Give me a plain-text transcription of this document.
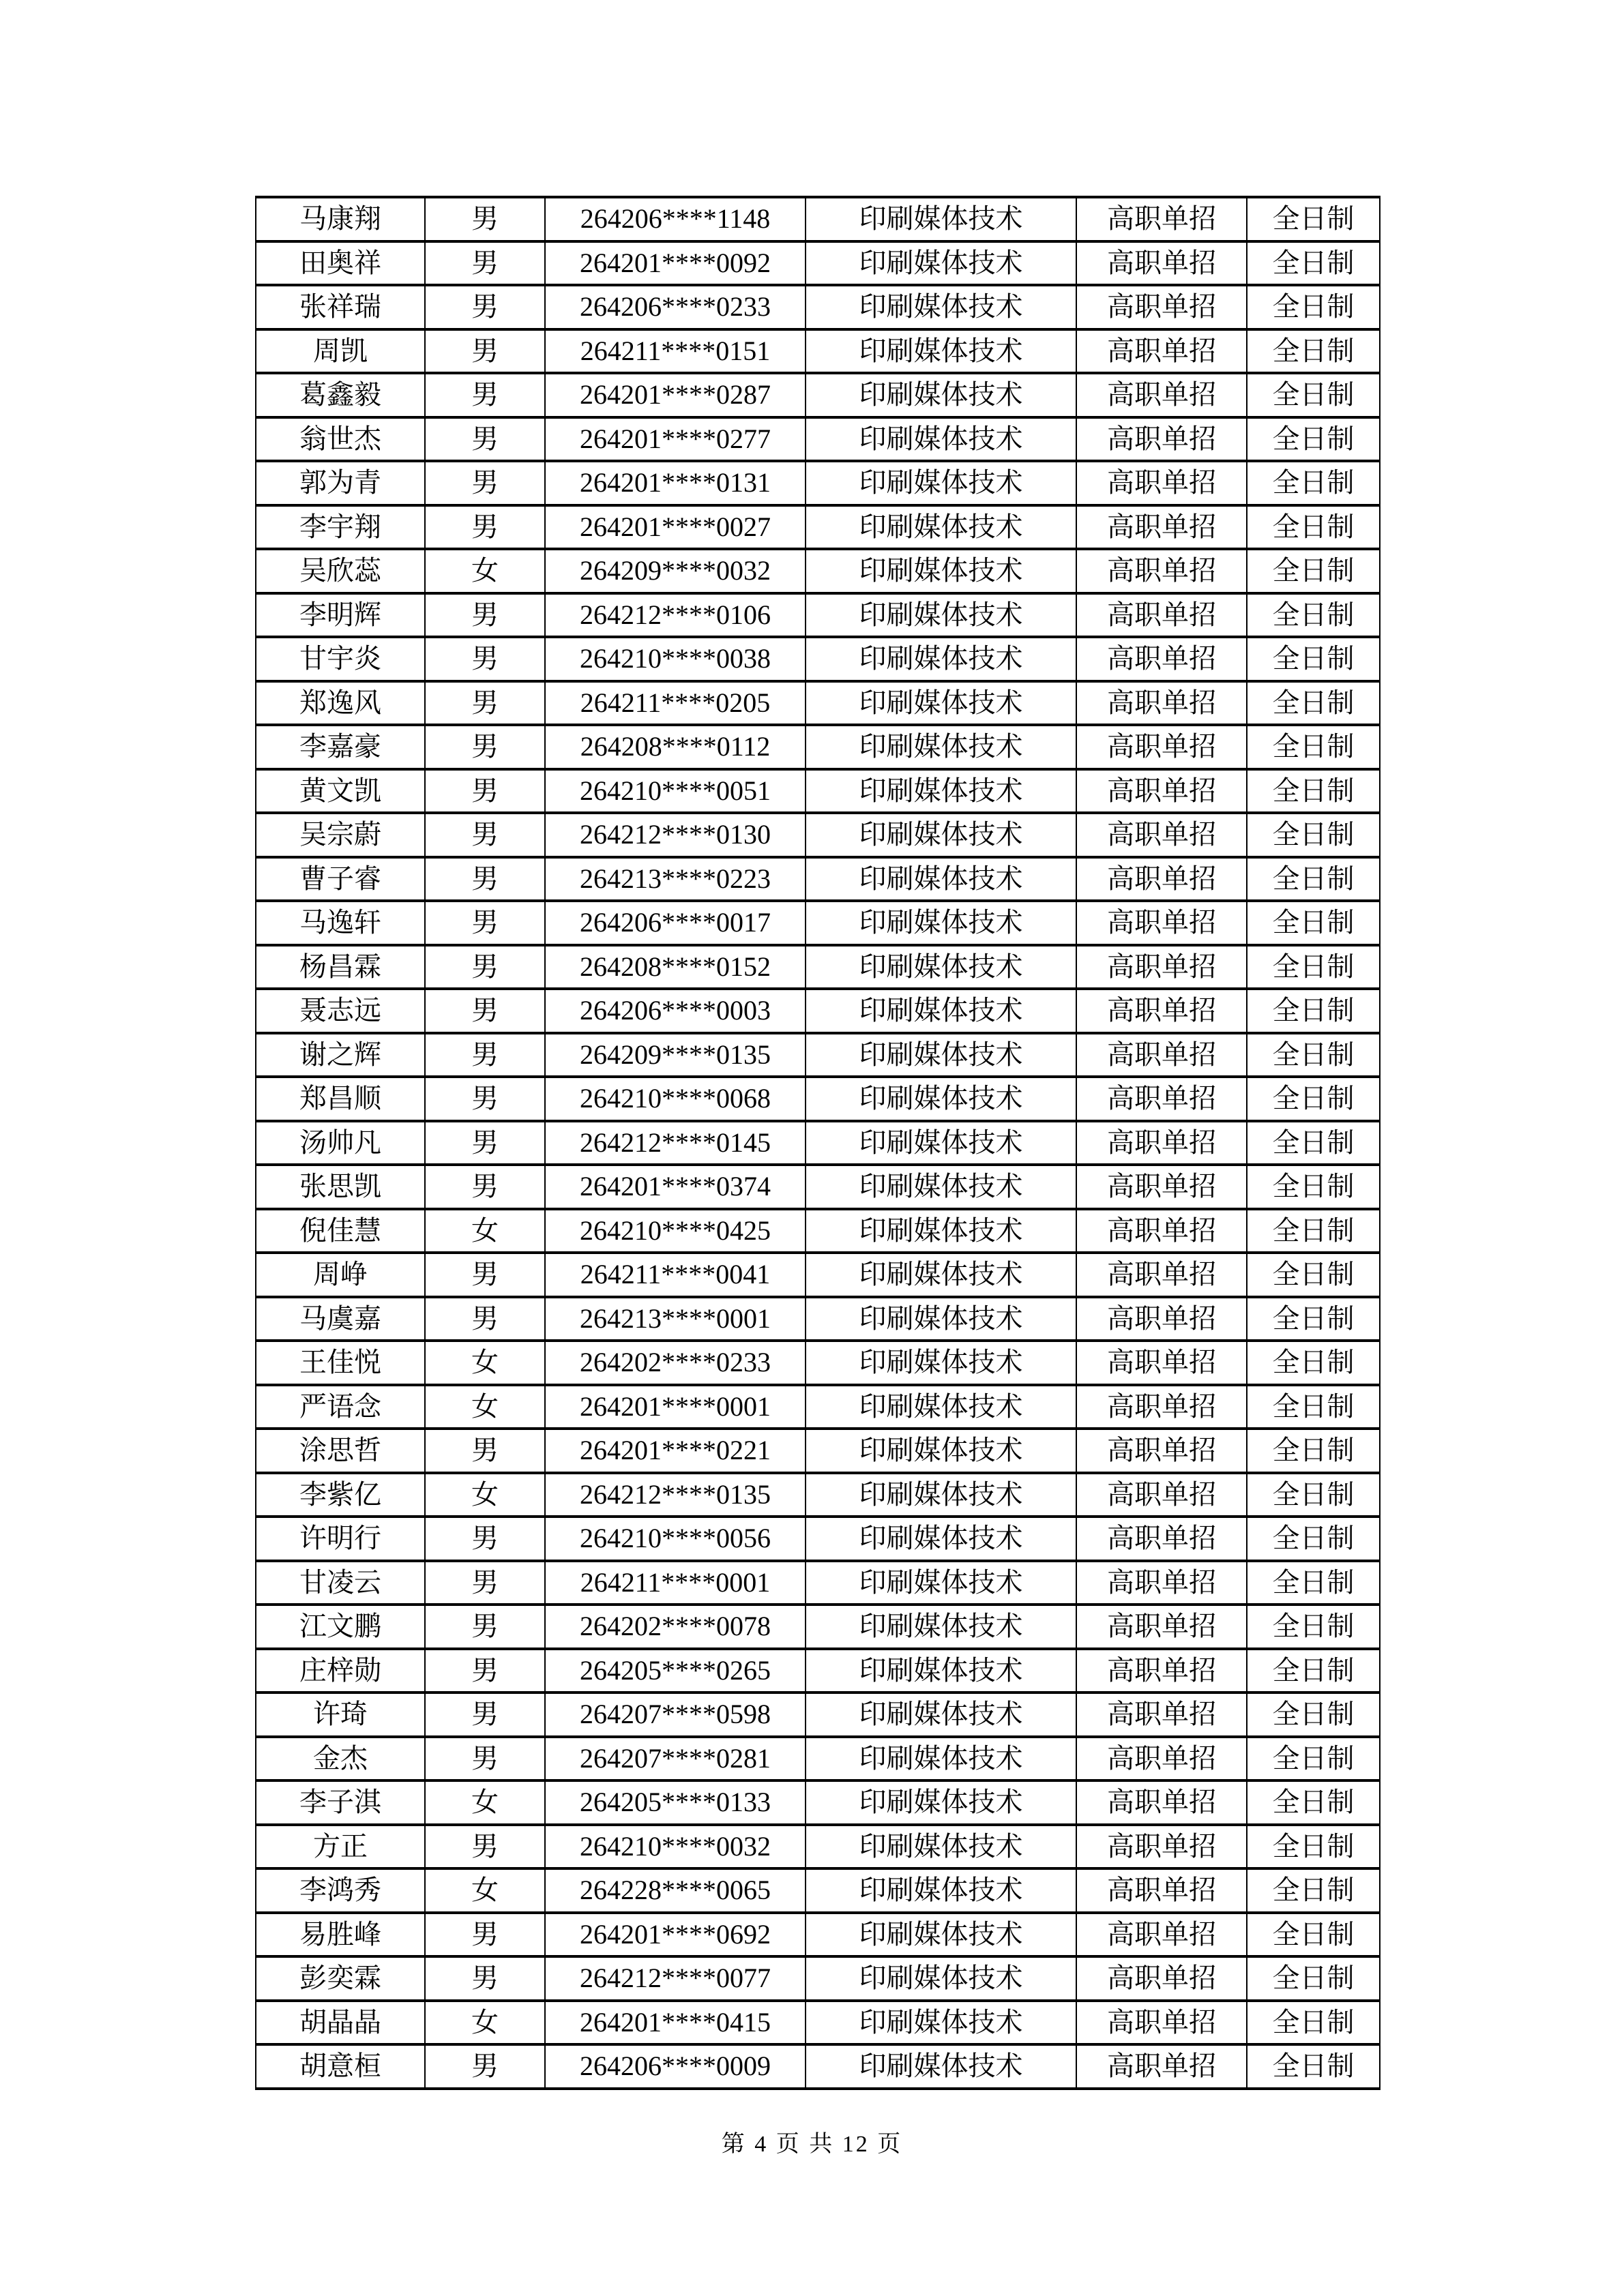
马康翔	男	264206****1148	印刷媒体技术	高职单招	全日制
田奥祥	男	264201****0092	印刷媒体技术	高职单招	全日制
张祥瑞	男	264206****0233	印刷媒体技术	高职单招	全日制
周凯	男	264211****0151	印刷媒体技术	高职单招	全日制
葛鑫毅	男	264201****0287	印刷媒体技术	高职单招	全日制
翁世杰	男	264201****0277	印刷媒体技术	高职单招	全日制
郭为青	男	264201****0131	印刷媒体技术	高职单招	全日制
李宇翔	男	264201****0027	印刷媒体技术	高职单招	全日制
吴欣蕊	女	264209****0032	印刷媒体技术	高职单招	全日制
李明辉	男	264212****0106	印刷媒体技术	高职单招	全日制
甘宇炎	男	264210****0038	印刷媒体技术	高职单招	全日制
郑逸风	男	264211****0205	印刷媒体技术	高职单招	全日制
李嘉豪	男	264208****0112	印刷媒体技术	高职单招	全日制
黄文凯	男	264210****0051	印刷媒体技术	高职单招	全日制
吴宗蔚	男	264212****0130	印刷媒体技术	高职单招	全日制
曹子睿	男	264213****0223	印刷媒体技术	高职单招	全日制
马逸轩	男	264206****0017	印刷媒体技术	高职单招	全日制
杨昌霖	男	264208****0152	印刷媒体技术	高职单招	全日制
聂志远	男	264206****0003	印刷媒体技术	高职单招	全日制
谢之辉	男	264209****0135	印刷媒体技术	高职单招	全日制
郑昌顺	男	264210****0068	印刷媒体技术	高职单招	全日制
汤帅凡	男	264212****0145	印刷媒体技术	高职单招	全日制
张思凯	男	264201****0374	印刷媒体技术	高职单招	全日制
倪佳慧	女	264210****0425	印刷媒体技术	高职单招	全日制
周峥	男	264211****0041	印刷媒体技术	高职单招	全日制
马虞嘉	男	264213****0001	印刷媒体技术	高职单招	全日制
王佳悦	女	264202****0233	印刷媒体技术	高职单招	全日制
严语念	女	264201****0001	印刷媒体技术	高职单招	全日制
涂思哲	男	264201****0221	印刷媒体技术	高职单招	全日制
李紫亿	女	264212****0135	印刷媒体技术	高职单招	全日制
许明行	男	264210****0056	印刷媒体技术	高职单招	全日制
甘凌云	男	264211****0001	印刷媒体技术	高职单招	全日制
江文鹏	男	264202****0078	印刷媒体技术	高职单招	全日制
庄梓勋	男	264205****0265	印刷媒体技术	高职单招	全日制
许琦	男	264207****0598	印刷媒体技术	高职单招	全日制
金杰	男	264207****0281	印刷媒体技术	高职单招	全日制
李子淇	女	264205****0133	印刷媒体技术	高职单招	全日制
方正	男	264210****0032	印刷媒体技术	高职单招	全日制
李鸿秀	女	264228****0065	印刷媒体技术	高职单招	全日制
易胜峰	男	264201****0692	印刷媒体技术	高职单招	全日制
彭奕霖	男	264212****0077	印刷媒体技术	高职单招	全日制
胡晶晶	女	264201****0415	印刷媒体技术	高职单招	全日制
胡意桓	男	264206****0009	印刷媒体技术	高职单招	全日制
第 4 页 共 12 页
